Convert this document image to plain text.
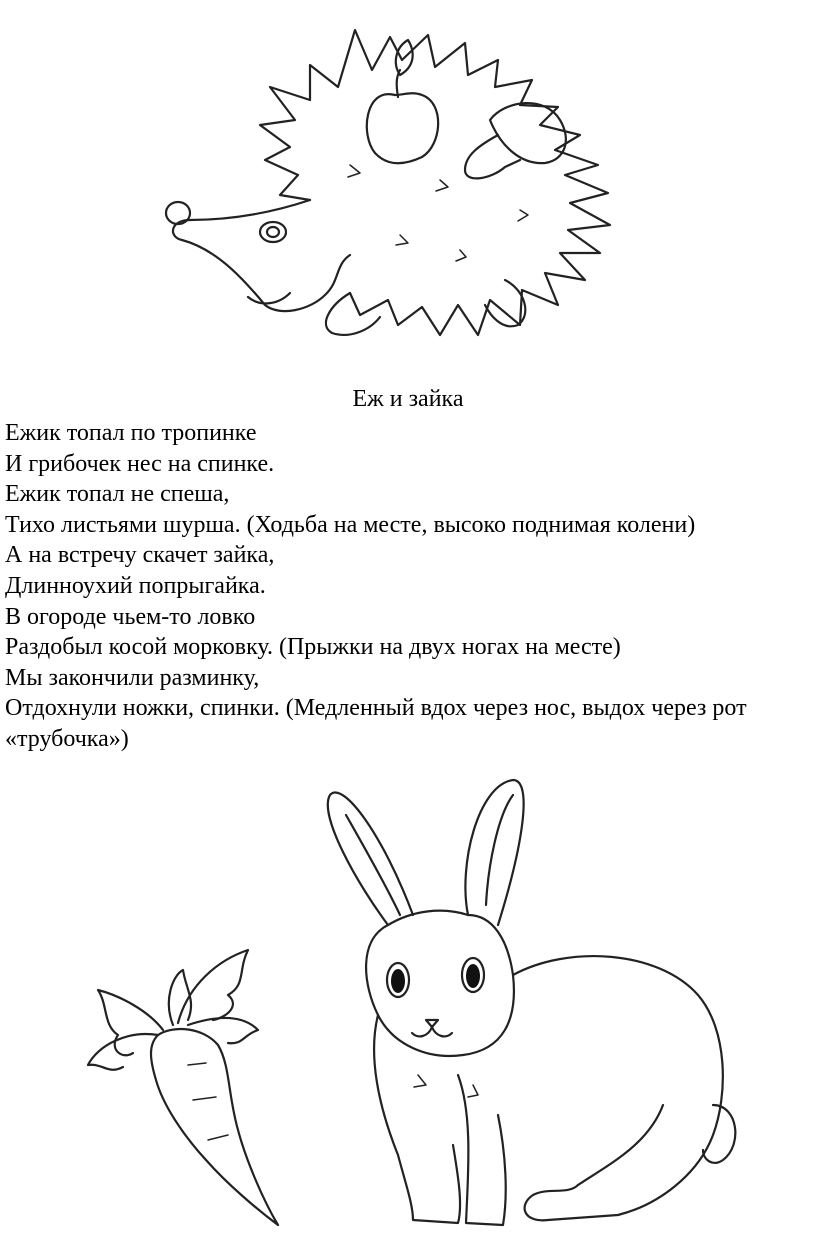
Еж и зайка
Ежик топал по тропинке
И грибочек нес на спинке.
Ежик топал не спеша,
Тихо листьями шурша. (Ходьба на месте, высоко поднимая колени)
А на встречу скачет зайка,
Длинноухий попрыгайка.
В огороде чьем-то ловко
Раздобыл косой морковку. (Прыжки на двух ногах на месте)
Мы закончили разминку,
Отдохнули ножки, спинки. (Медленный вдох через нос, выдох через рот «трубочка»)
